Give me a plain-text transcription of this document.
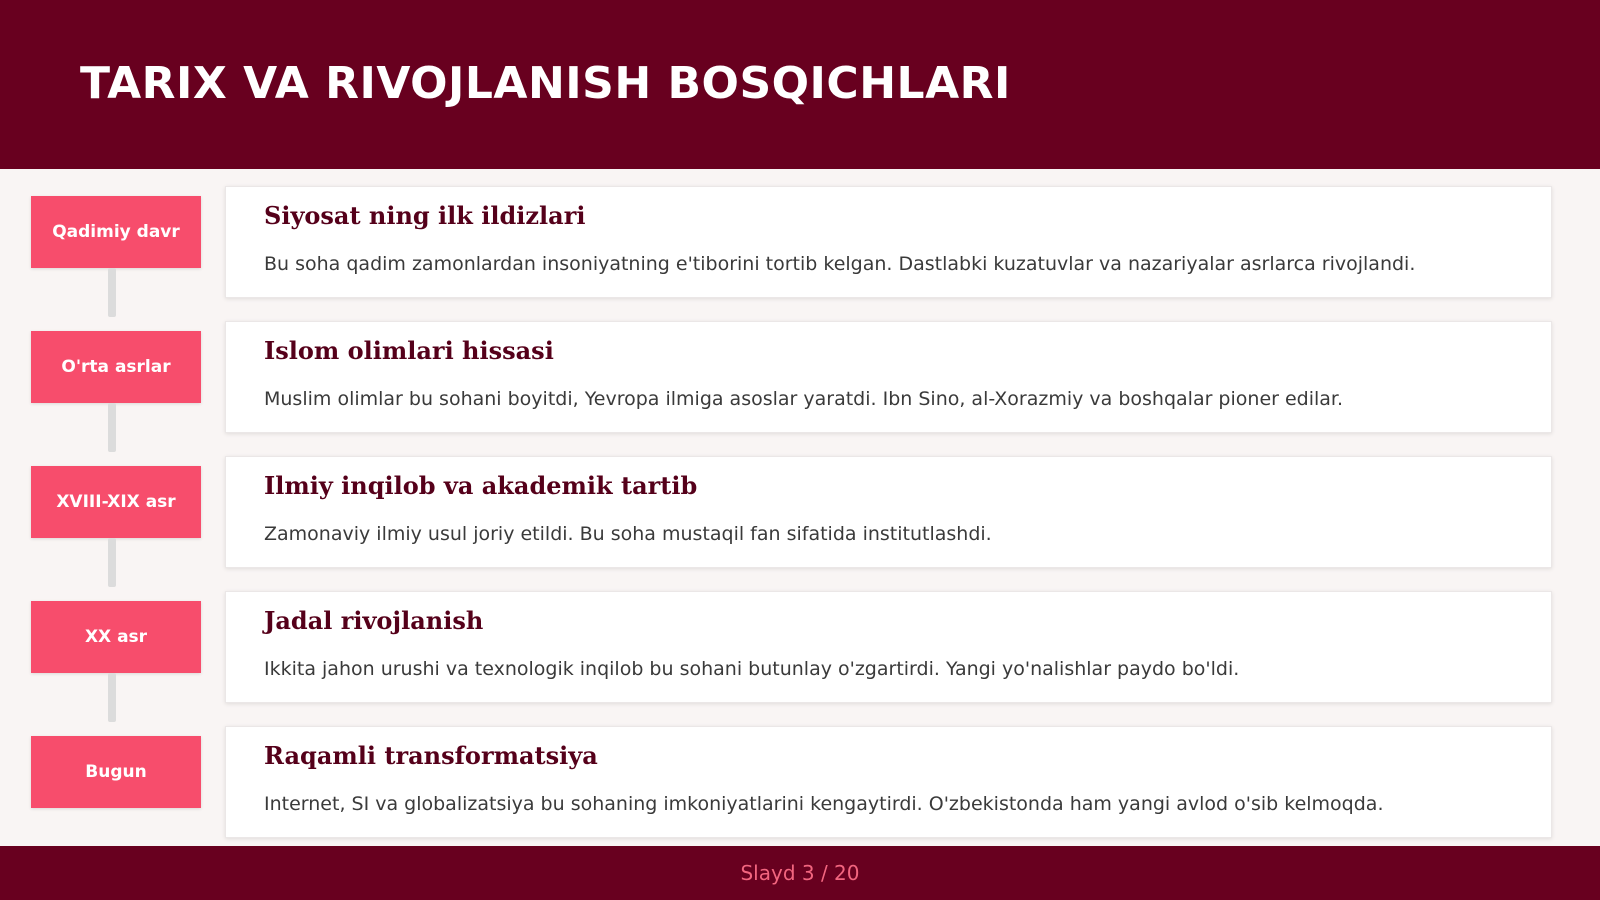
TARIX VA RIVOJLANISH BOSQICHLARI
Qadimiy davr
Siyosat ning ilk ildizlari
Bu soha qadim zamonlardan insoniyatning e'tiborini tortib kelgan. Dastlabki kuzatuvlar va nazariyalar asrlarca rivojlandi.
O'rta asrlar
Islom olimlari hissasi
Muslim olimlar bu sohani boyitdi, Yevropa ilmiga asoslar yaratdi. Ibn Sino, al-Xorazmiy va boshqalar pioner edilar.
XVIII-XIX asr
Ilmiy inqilob va akademik tartib
Zamonaviy ilmiy usul joriy etildi. Bu soha mustaqil fan sifatida institutlashdi.
XX asr
Jadal rivojlanish
Ikkita jahon urushi va texnologik inqilob bu sohani butunlay o'zgartirdi. Yangi yo'nalishlar paydo bo'ldi.
Bugun
Raqamli transformatsiya
Internet, SI va globalizatsiya bu sohaning imkoniyatlarini kengaytirdi. O'zbekistonda ham yangi avlod o'sib kelmoqda.
Slayd 3 / 20
